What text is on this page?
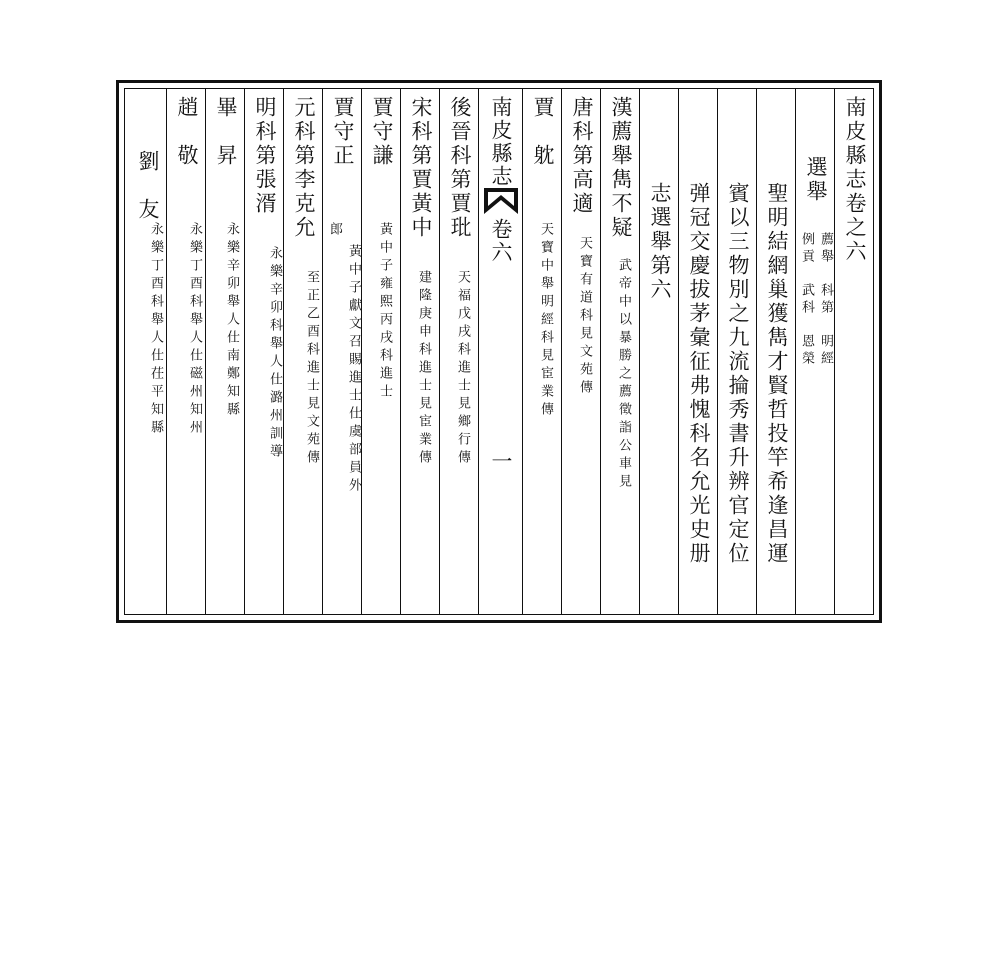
南皮縣志
卷六
一
南皮縣志卷之六
選舉
薦舉　科第　明經
例貢　武科　恩榮
聖明結網巢獲雋才賢哲投竿希逢昌運
賓以三物別之九流掄秀書升辨官定位
弹冠交慶拔茅彙征弗愧科名允光史册
志選舉第六
漢薦舉雋不疑
武帝中以暴勝之薦徵詣公車見
唐科第高適
天寶有道科見文苑傳
賈　躭
天寶中舉明經科見宦業傳
後晉科第賈玭
天福戊戌科進士見鄉行傳
宋科第賈黃中
建隆庚申科進士見宦業傳
賈守謙
黃中子雍熙丙戌科進士
賈守正
郎
黃中子獻文召賜進士仕虞部員外
元科第李克允
至正乙酉科進士見文苑傳
明科第張湑
永樂辛卯科舉人仕潞州訓導
畢　昇
永樂辛卯舉人仕南鄭知縣
趙　敬
永樂丁酉科舉人仕磁州知州
劉　友
永樂丁酉科舉人仕茌平知縣
